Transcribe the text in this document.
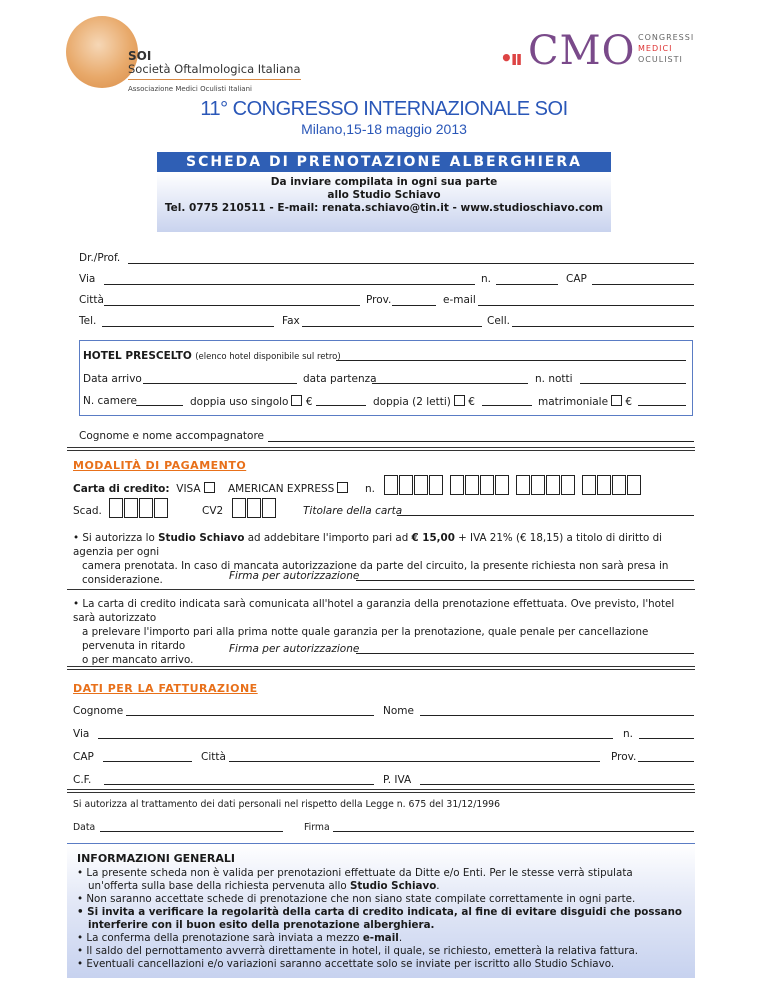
SOI
Società Oftalmologica Italiana
Associazione Medici Oculisti Italiani
•ıı CMO CONGRESSI
MEDICI
OCULISTI
11° CONGRESSO INTERNAZIONALE SOI
Milano,15-18 maggio 2013
SCHEDA DI PRENOTAZIONE ALBERGHIERA
Da inviare compilata in ogni sua parte
allo Studio Schiavo
Tel. 0775 210511 - E-mail: renata.schiavo@tin.it - www.studioschiavo.com
Dr./Prof.
Via	n.	CAP
Città	Prov.	e-mail
Tel.	Fax	Cell.
HOTEL PRESCELTO (elenco hotel disponibile sul retro)
Data arrivo	data partenza	n. notti
N. camere	doppia uso singolo €	doppia (2 letti) €	matrimoniale €
Cognome e nome accompagnatore
MODALITÀ DI PAGAMENTO
Carta di credito: VISA	AMERICAN EXPRESS	n.
Scad.	CV2	Titolare della carta
• Si autorizza lo Studio Schiavo ad addebitare l'importo pari ad € 15,00 + IVA 21% (€ 18,15) a titolo di diritto di agenzia per ogni
camera prenotata. In caso di mancata autorizzazione da parte del circuito, la presente richiesta non sarà presa in considerazione.	Firma per autorizzazione
• La carta di credito indicata sarà comunicata all'hotel a garanzia della prenotazione effettuata. Ove previsto, l'hotel sarà autorizzato
a prelevare l'importo pari alla prima notte quale garanzia per la prenotazione, quale penale per cancellazione pervenuta in ritardo
o per mancato arrivo.
Firma per autorizzazione
DATI PER LA FATTURAZIONE
Cognome	Nome
Via	n.
CAP	Città	Prov.
C.F.	P. IVA
Si autorizza al trattamento dei dati personali nel rispetto della Legge n. 675 del 31/12/1996
Data	Firma
INFORMAZIONI GENERALI
• La presente scheda non è valida per prenotazioni effettuate da Ditte e/o Enti. Per le stesse verrà stipulata un'offerta sulla base della richiesta pervenuta allo Studio Schiavo.
• Non saranno accettate schede di prenotazione che non siano state compilate correttamente in ogni parte.
• Si invita a verificare la regolarità della carta di credito indicata, al fine di evitare disguidi che possano interferire con il buon esito della prenotazione alberghiera.
• La conferma della prenotazione sarà inviata a mezzo e-mail.
• Il saldo del pernottamento avverrà direttamente in hotel, il quale, se richiesto, emetterà la relativa fattura.
• Eventuali cancellazioni e/o variazioni saranno accettate solo se inviate per iscritto allo Studio Schiavo.
